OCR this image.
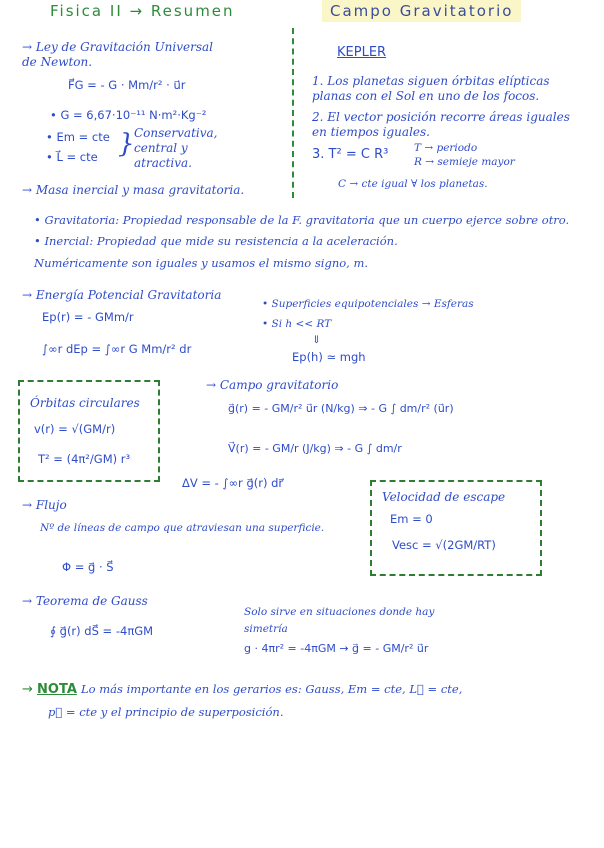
Fisica II → Resumen	Campo Gravitatorio
→ Ley de Gravitación Universal de Newton.
F⃗G = - G · Mm/r² · u⃗r
• G = 6,67·10⁻¹¹ N·m²·Kg⁻²
• Em = cte
• L⃗ = cte } Conservativa, central y atractiva.
KEPLER
1. Los planetas siguen órbitas elípticas planas con el Sol en uno de los focos.
2. El vector posición recorre áreas iguales en tiempos iguales.
3. T² = C R³ T → periodo
R → semieje mayor
C → cte igual ∀ los planetas.
→ Masa inercial y masa gravitatoria.
• Gravitatoria: Propiedad responsable de la F. gravitatoria que un cuerpo ejerce sobre otro.
• Inercial: Propiedad que mide su resistencia a la aceleración.
Numéricamente son iguales y usamos el mismo signo, m.
→ Energía Potencial Gravitatoria
Ep(r) = - GMm/r
∫∞r dEp = ∫∞r G Mm/r² dr
• Superficies equipotenciales → Esferas
• Si h << RT
⇓
Ep(h) ≃ mgh
Órbitas circulares
v(r) = √(GM/r)
T² = (4π²/GM) r³
→ Campo gravitatorio
g⃗(r) = - GM/r² u⃗r (N/kg) ⇒ - G ∫ dm/r² (u⃗r)
V⃗(r) = - GM/r (J/kg) ⇒ - G ∫ dm/r
ΔV = - ∫∞r g⃗(r) dr⃗
Velocidad de escape
Em = 0
Vesc = √(2GM/RT)
→ Flujo
Nº de líneas de campo que atraviesan una superficie.
Φ = g⃗ · S⃗
→ Teorema de Gauss
∮ g⃗(r) dS⃗ = -4πGM
Solo sirve en situaciones donde hay simetría
g · 4πr² = -4πGM → g⃗ = - GM/r² u⃗r
→ NOTA Lo más importante en los gerarios es: Gauss, Em = cte, L⃗ = cte,
p⃗ = cte y el principio de superposición.
